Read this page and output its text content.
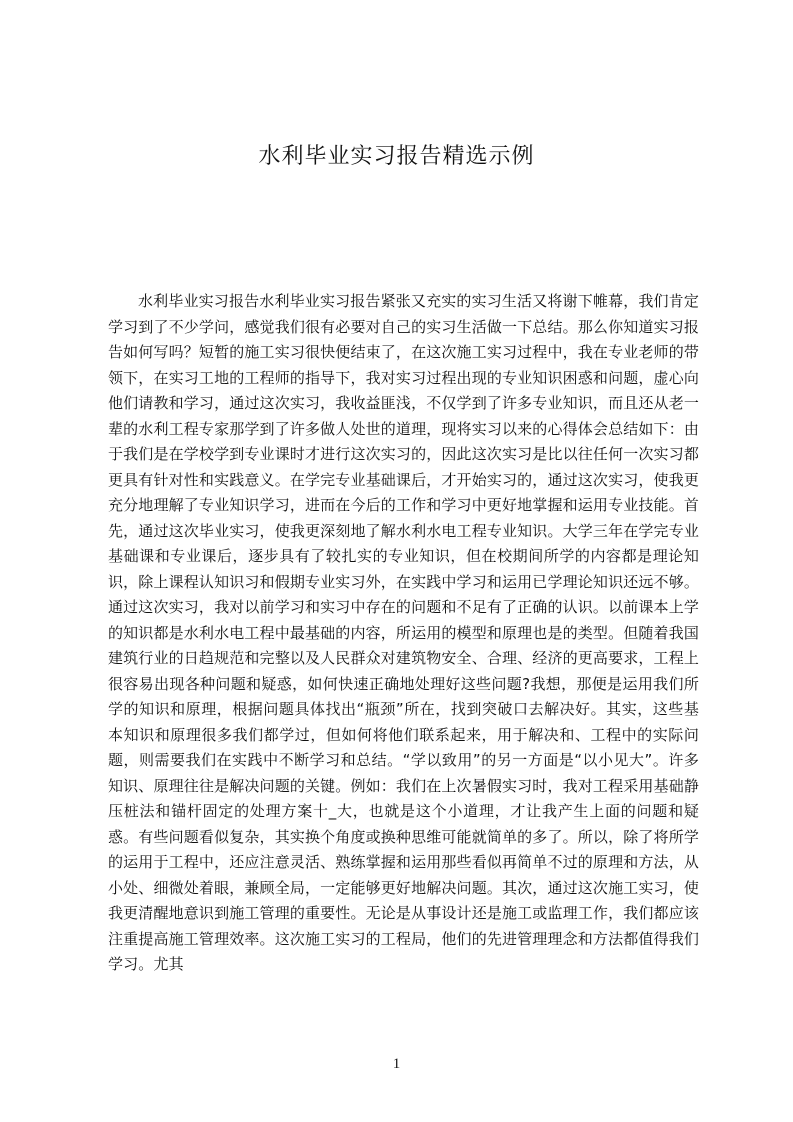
水利毕业实习报告精选示例

水利毕业实习报告水利毕业实习报告紧张又充实的实习生活又将谢下帷幕，我们肯定学习到了不少学问，感觉我们很有必要对自己的实习生活做一下总结。那么你知道实习报告如何写吗？短暂的施工实习很快便结束了，在这次施工实习过程中，我在专业老师的带领下，在实习工地的工程师的指导下，我对实习过程出现的专业知识困惑和问题，虚心向他们请教和学习，通过这次实习，我收益匪浅，不仅学到了许多专业知识，而且还从老一辈的水利工程专家那学到了许多做人处世的道理，现将实习以来的心得体会总结如下：由于我们是在学校学到专业课时才进行这次实习的，因此这次实习是比以往任何一次实习都更具有针对性和实践意义。在学完专业基础课后，才开始实习的，通过这次实习，使我更充分地理解了专业知识学习，进而在今后的工作和学习中更好地掌握和运用专业技能。首先，通过这次毕业实习，使我更深刻地了解水利水电工程专业知识。大学三年在学完专业基础课和专业课后，逐步具有了较扎实的专业知识，但在校期间所学的内容都是理论知识，除上课程认知识习和假期专业实习外，在实践中学习和运用已学理论知识还远不够。通过这次实习，我对以前学习和实习中存在的问题和不足有了正确的认识。以前课本上学的知识都是水利水电工程中最基础的内容，所运用的模型和原理也是的类型。但随着我国建筑行业的日趋规范和完整以及人民群众对建筑物安全、合理、经济的更高要求，工程上很容易出现各种问题和疑惑，如何快速正确地处理好这些问题?我想，那便是运用我们所学的知识和原理，根据问题具体找出“瓶颈”所在，找到突破口去解决好。其实，这些基本知识和原理很多我们都学过，但如何将他们联系起来，用于解决和、工程中的实际问题，则需要我们在实践中不断学习和总结。“学以致用”的另一方面是“以小见大”。许多知识、原理往往是解决问题的关键。例如：我们在上次暑假实习时，我对工程采用基础静压桩法和锚杆固定的处理方案十_大，也就是这个小道理，才让我产生上面的问题和疑惑。有些问题看似复杂，其实换个角度或换种思维可能就简单的多了。所以，除了将所学的运用于工程中，还应注意灵活、熟练掌握和运用那些看似再简单不过的原理和方法，从小处、细微处着眼，兼顾全局，一定能够更好地解决问题。其次，通过这次施工实习，使我更清醒地意识到施工管理的重要性。无论是从事设计还是施工或监理工作，我们都应该注重提高施工管理效率。这次施工实习的工程局，他们的先进管理理念和方法都值得我们学习。尤其

1
